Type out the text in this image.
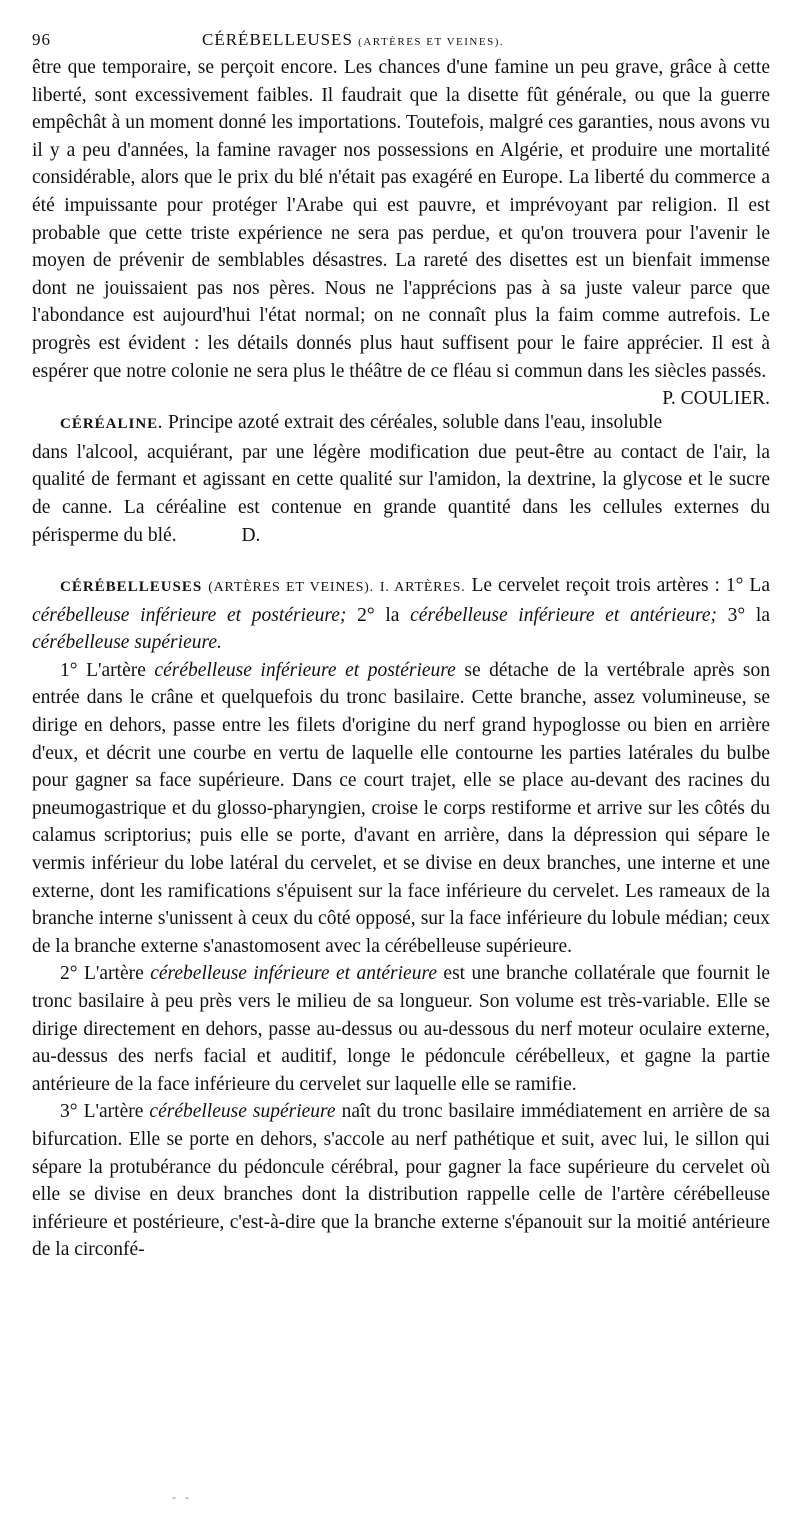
96	CÉRÉBELLEUSES (ARTÈRES ET VEINES).

être que temporaire, se perçoit encore. Les chances d'une famine un peu grave, grâce à cette liberté, sont excessivement faibles. Il faudrait que la disette fût générale, ou que la guerre empêchât à un moment donné les importations. Toutefois, malgré ces garanties, nous avons vu il y a peu d'années, la famine ravager nos possessions en Algérie, et produire une mortalité considérable, alors que le prix du blé n'était pas exagéré en Europe. La liberté du commerce a été impuissante pour protéger l'Arabe qui est pauvre, et imprévoyant par religion. Il est probable que cette triste expérience ne sera pas perdue, et qu'on trouvera pour l'avenir le moyen de prévenir de semblables désastres. La rareté des disettes est un bienfait immense dont ne jouissaient pas nos pères. Nous ne l'apprécions pas à sa juste valeur parce que l'abondance est aujourd'hui l'état normal; on ne connaît plus la faim comme autrefois. Le progrès est évident : les détails donnés plus haut suffisent pour le faire apprécier. Il est à espérer que notre colonie ne sera plus le théâtre de ce fléau si commun dans les siècles passés.
P. COULIER.

CÉRÉALINE. Principe azoté extrait des céréales, soluble dans l'eau, insoluble dans l'alcool, acquiérant, par une légère modification due peut-être au contact de l'air, la qualité de fermant et agissant en cette qualité sur l'amidon, la dextrine, la glycose et le sucre de canne. La céréaline est contenue en grande quantité dans les cellules externes du périsperme du blé.	D.

CÉRÉBELLEUSES (ARTÈRES ET VEINES). I. ARTÈRES. Le cervelet reçoit trois artères : 1° La cérébelleuse inférieure et postérieure; 2° la cérébelleuse inférieure et antérieure; 3° la cérébelleuse supérieure.

1° L'artère cérébelleuse inférieure et postérieure se détache de la vertébrale après son entrée dans le crâne et quelquefois du tronc basilaire. Cette branche, assez volumineuse, se dirige en dehors, passe entre les filets d'origine du nerf grand hypoglosse ou bien en arrière d'eux, et décrit une courbe en vertu de laquelle elle contourne les parties latérales du bulbe pour gagner sa face supérieure. Dans ce court trajet, elle se place au-devant des racines du pneumogastrique et du glosso-pharyngien, croise le corps restiforme et arrive sur les côtés du calamus scriptorius; puis elle se porte, d'avant en arrière, dans la dépression qui sépare le vermis inférieur du lobe latéral du cervelet, et se divise en deux branches, une interne et une externe, dont les ramifications s'épuisent sur la face inférieure du cervelet. Les rameaux de la branche interne s'unissent à ceux du côté opposé, sur la face inférieure du lobule médian; ceux de la branche externe s'anastomosent avec la cérébelleuse supérieure.

2° L'artère cérebelleuse inférieure et antérieure est une branche collatérale que fournit le tronc basilaire à peu près vers le milieu de sa longueur. Son volume est très-variable. Elle se dirige directement en dehors, passe au-dessus ou au-dessous du nerf moteur oculaire externe, au-dessus des nerfs facial et auditif, longe le pédoncule cérébelleux, et gagne la partie antérieure de la face inférieure du cervelet sur laquelle elle se ramifie.

3° L'artère cérébelleuse supérieure naît du tronc basilaire immédiatement en arrière de sa bifurcation. Elle se porte en dehors, s'accole au nerf pathétique et suit, avec lui, le sillon qui sépare la protubérance du pédoncule cérébral, pour gagner la face supérieure du cervelet où elle se divise en deux branches dont la distribution rappelle celle de l'artère cérébelleuse inférieure et postérieure, c'est-à-dire que la branche externe s'épanouit sur la moitié antérieure de la circonfé-

- -
